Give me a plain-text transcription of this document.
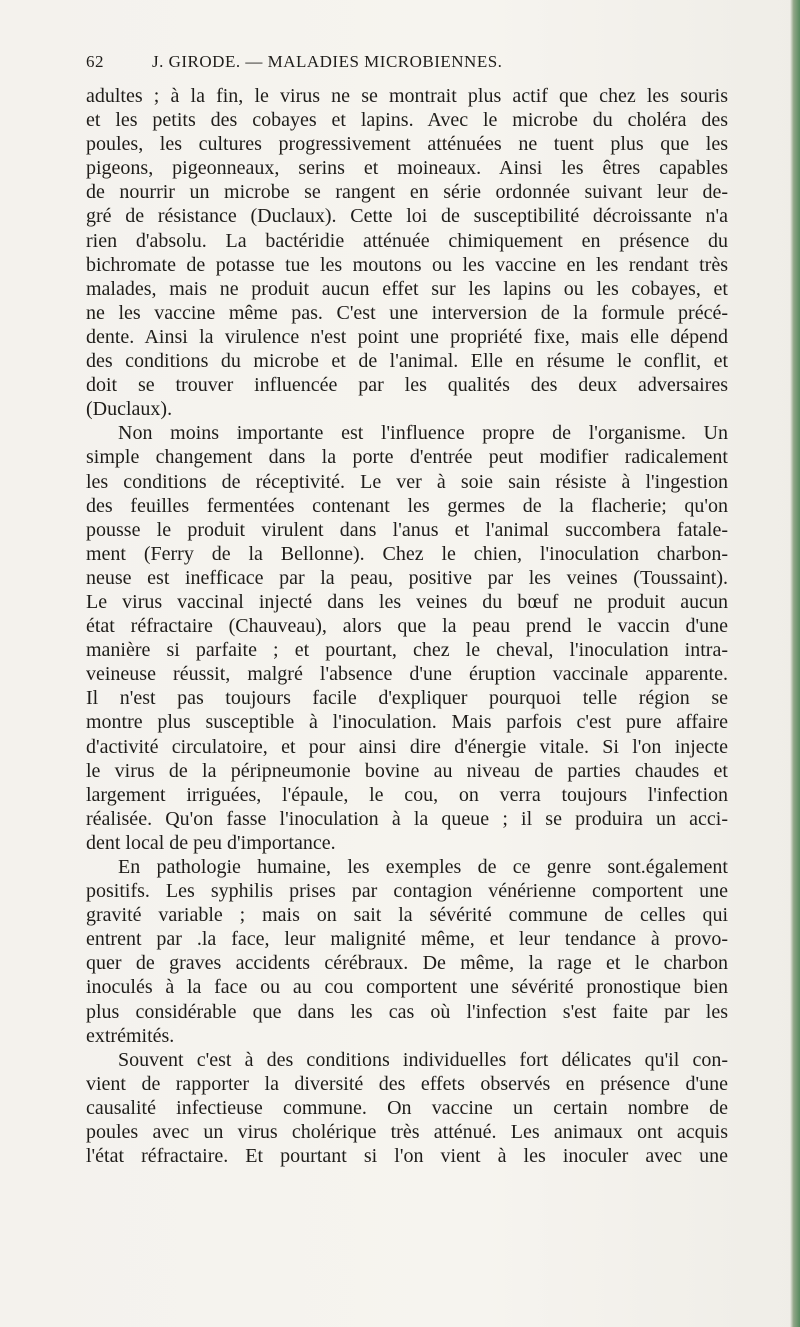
62	J. GIRODE. — MALADIES MICROBIENNES.
adultes ; à la fin, le virus ne se montrait plus actif que chez les souris
et les petits des cobayes et lapins. Avec le microbe du choléra des
poules, les cultures progressivement atténuées ne tuent plus que les
pigeons, pigeonneaux, serins et moineaux. Ainsi les êtres capables
de nourrir un microbe se rangent en série ordonnée suivant leur de-
gré de résistance (Duclaux). Cette loi de susceptibilité décroissante n'a
rien d'absolu. La bactéridie atténuée chimiquement en présence du
bichromate de potasse tue les moutons ou les vaccine en les rendant très
malades, mais ne produit aucun effet sur les lapins ou les cobayes, et
ne les vaccine même pas. C'est une interversion de la formule précé-
dente. Ainsi la virulence n'est point une propriété fixe, mais elle dépend
des conditions du microbe et de l'animal. Elle en résume le conflit, et
doit se trouver influencée par les qualités des deux adversaires
(Duclaux).
Non moins importante est l'influence propre de l'organisme. Un
simple changement dans la porte d'entrée peut modifier radicalement
les conditions de réceptivité. Le ver à soie sain résiste à l'ingestion
des feuilles fermentées contenant les germes de la flacherie; qu'on
pousse le produit virulent dans l'anus et l'animal succombera fatale-
ment (Ferry de la Bellonne). Chez le chien, l'inoculation charbon-
neuse est inefficace par la peau, positive par les veines (Toussaint).
Le virus vaccinal injecté dans les veines du bœuf ne produit aucun
état réfractaire (Chauveau), alors que la peau prend le vaccin d'une
manière si parfaite ; et pourtant, chez le cheval, l'inoculation intra-
veineuse réussit, malgré l'absence d'une éruption vaccinale apparente.
Il n'est pas toujours facile d'expliquer pourquoi telle région se
montre plus susceptible à l'inoculation. Mais parfois c'est pure affaire
d'activité circulatoire, et pour ainsi dire d'énergie vitale. Si l'on injecte
le virus de la péripneumonie bovine au niveau de parties chaudes et
largement irriguées, l'épaule, le cou, on verra toujours l'infection
réalisée. Qu'on fasse l'inoculation à la queue ; il se produira un acci-
dent local de peu d'importance.
En pathologie humaine, les exemples de ce genre sont.également
positifs. Les syphilis prises par contagion vénérienne comportent une
gravité variable ; mais on sait la sévérité commune de celles qui
entrent par .la face, leur malignité même, et leur tendance à provo-
quer de graves accidents cérébraux. De même, la rage et le charbon
inoculés à la face ou au cou comportent une sévérité pronostique bien
plus considérable que dans les cas où l'infection s'est faite par les
extrémités.
Souvent c'est à des conditions individuelles fort délicates qu'il con-
vient de rapporter la diversité des effets observés en présence d'une
causalité infectieuse commune. On vaccine un certain nombre de
poules avec un virus cholérique très atténué. Les animaux ont acquis
l'état réfractaire. Et pourtant si l'on vient à les inoculer avec une
